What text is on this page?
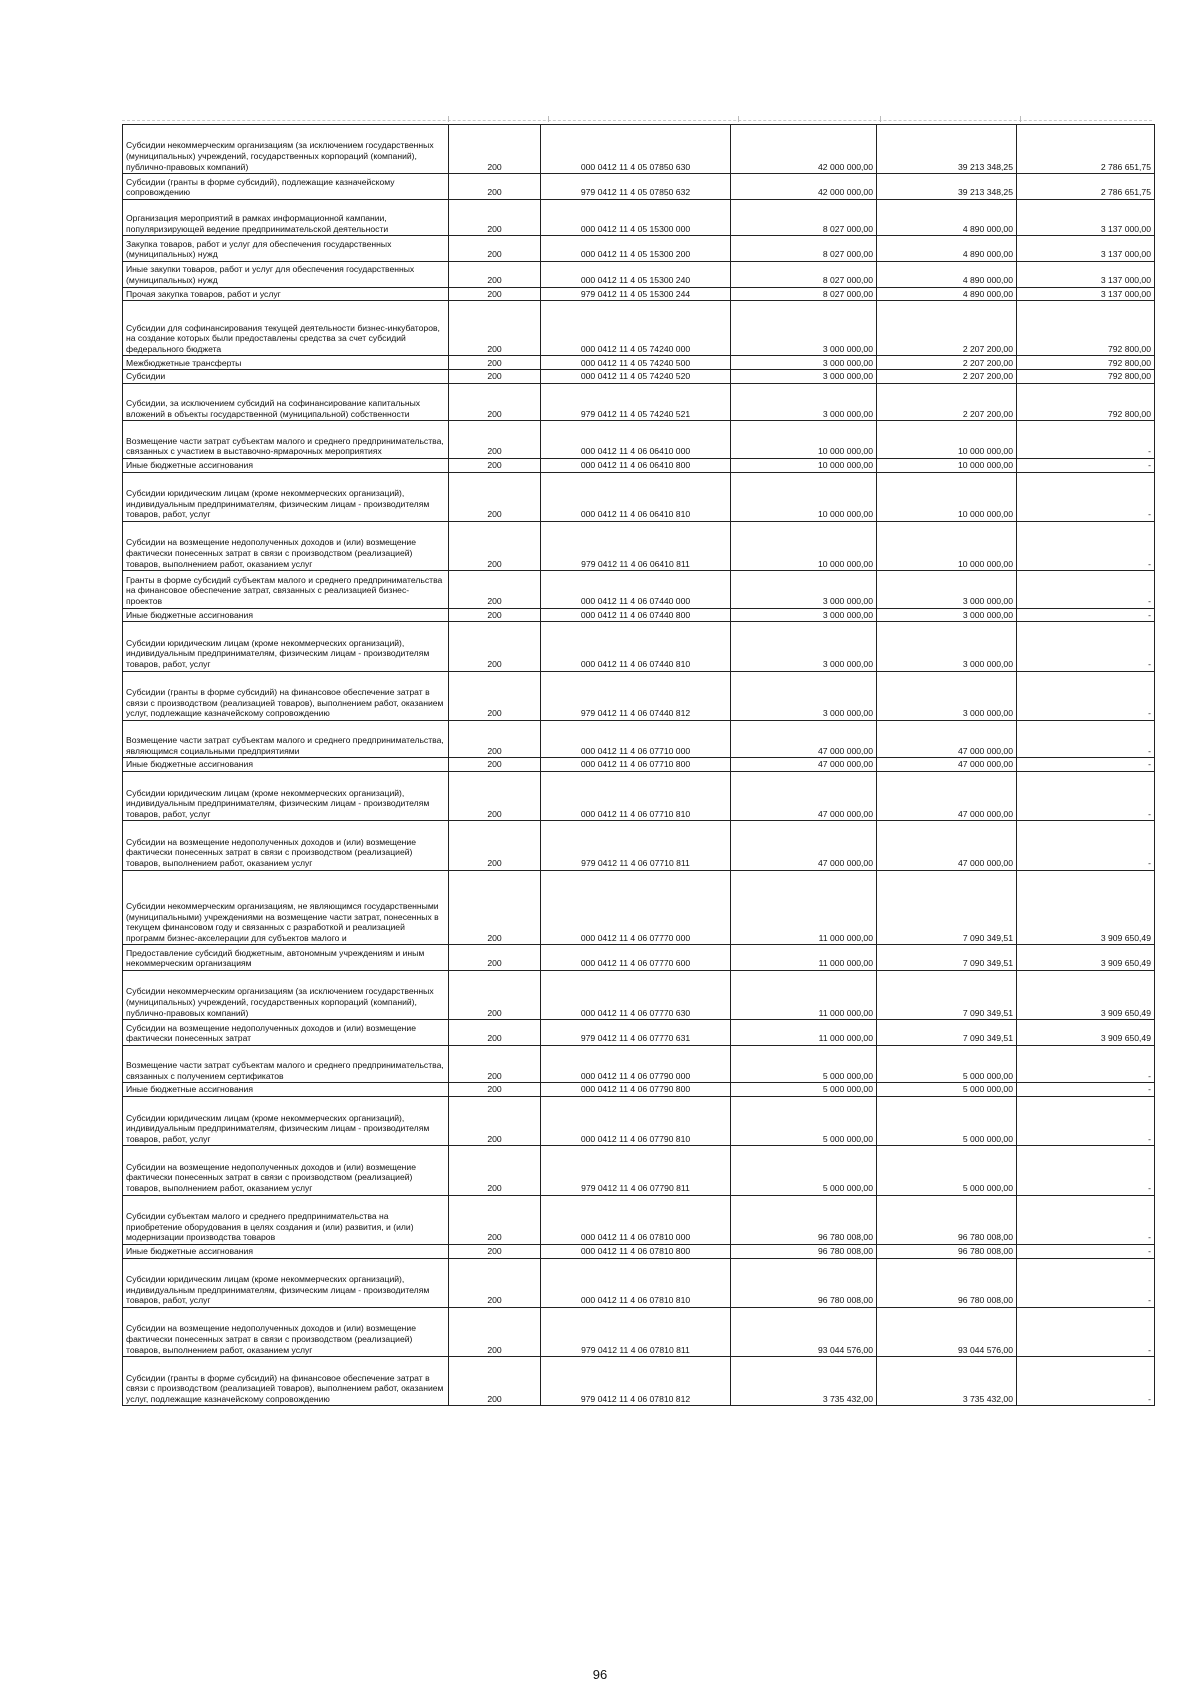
Субсидии некоммерческим организациям (за исключением государственных (муниципальных) учреждений, государственных корпораций (компаний), публично-правовых компаний)	200	000 0412 11 4 05 07850 630	42 000 000,00	39 213 348,25	2 786 651,75
Субсидии (гранты в форме субсидий), подлежащие казначейскому сопровождению	200	979 0412 11 4 05 07850 632	42 000 000,00	39 213 348,25	2 786 651,75
Организация мероприятий в рамках информационной кампании, популяризирующей ведение предпринимательской деятельности	200	000 0412 11 4 05 15300 000	8 027 000,00	4 890 000,00	3 137 000,00
Закупка товаров, работ и услуг для обеспечения государственных (муниципальных) нужд	200	000 0412 11 4 05 15300 200	8 027 000,00	4 890 000,00	3 137 000,00
Иные закупки товаров, работ и услуг для обеспечения государственных (муниципальных) нужд	200	000 0412 11 4 05 15300 240	8 027 000,00	4 890 000,00	3 137 000,00
Прочая закупка товаров, работ и услуг	200	979 0412 11 4 05 15300 244	8 027 000,00	4 890 000,00	3 137 000,00
Субсидии для софинансирования текущей деятельности бизнес-инкубаторов, на создание которых были предоставлены средства за счет субсидий федерального бюджета	200	000 0412 11 4 05 74240 000	3 000 000,00	2 207 200,00	792 800,00
Межбюджетные трансферты	200	000 0412 11 4 05 74240 500	3 000 000,00	2 207 200,00	792 800,00
Субсидии	200	000 0412 11 4 05 74240 520	3 000 000,00	2 207 200,00	792 800,00
Субсидии, за исключением субсидий на софинансирование капитальных вложений в объекты государственной (муниципальной) собственности	200	979 0412 11 4 05 74240 521	3 000 000,00	2 207 200,00	792 800,00
Возмещение части затрат субъектам малого и среднего предпринимательства, связанных с участием в выставочно-ярмарочных мероприятиях	200	000 0412 11 4 06 06410 000	10 000 000,00	10 000 000,00	-
Иные бюджетные ассигнования	200	000 0412 11 4 06 06410 800	10 000 000,00	10 000 000,00	-
Субсидии юридическим лицам (кроме некоммерческих организаций), индивидуальным предпринимателям, физическим лицам - производителям товаров, работ, услуг	200	000 0412 11 4 06 06410 810	10 000 000,00	10 000 000,00	-
Субсидии на возмещение недополученных доходов и (или) возмещение фактически понесенных затрат в связи с производством (реализацией) товаров, выполнением работ, оказанием услуг	200	979 0412 11 4 06 06410 811	10 000 000,00	10 000 000,00	-
Гранты в форме субсидий субъектам малого и среднего предпринимательства на финансовое обеспечение затрат, связанных с реализацией бизнес-проектов	200	000 0412 11 4 06 07440 000	3 000 000,00	3 000 000,00	-
Иные бюджетные ассигнования	200	000 0412 11 4 06 07440 800	3 000 000,00	3 000 000,00	-
Субсидии юридическим лицам (кроме некоммерческих организаций), индивидуальным предпринимателям, физическим лицам - производителям товаров, работ, услуг	200	000 0412 11 4 06 07440 810	3 000 000,00	3 000 000,00	-
Субсидии (гранты в форме субсидий) на финансовое обеспечение затрат в связи с производством (реализацией товаров), выполнением работ, оказанием услуг, подлежащие казначейскому сопровождению	200	979 0412 11 4 06 07440 812	3 000 000,00	3 000 000,00	-
Возмещение части затрат субъектам малого и среднего предпринимательства, являющимся социальными предприятиями	200	000 0412 11 4 06 07710 000	47 000 000,00	47 000 000,00	-
Иные бюджетные ассигнования	200	000 0412 11 4 06 07710 800	47 000 000,00	47 000 000,00	-
Субсидии юридическим лицам (кроме некоммерческих организаций), индивидуальным предпринимателям, физическим лицам - производителям товаров, работ, услуг	200	000 0412 11 4 06 07710 810	47 000 000,00	47 000 000,00	-
Субсидии на возмещение недополученных доходов и (или) возмещение фактически понесенных затрат в связи с производством (реализацией) товаров, выполнением работ, оказанием услуг	200	979 0412 11 4 06 07710 811	47 000 000,00	47 000 000,00	-
Субсидии некоммерческим организациям, не являющимся государственными (муниципальными) учреждениями на возмещение части затрат, понесенных в текущем финансовом году и связанных с разработкой и реализацией программ бизнес-акселерации для субъектов малого и	200	000 0412 11 4 06 07770 000	11 000 000,00	7 090 349,51	3 909 650,49
Предоставление субсидий бюджетным, автономным учреждениям и иным некоммерческим организациям	200	000 0412 11 4 06 07770 600	11 000 000,00	7 090 349,51	3 909 650,49
Субсидии некоммерческим организациям (за исключением государственных (муниципальных) учреждений, государственных корпораций (компаний), публично-правовых компаний)	200	000 0412 11 4 06 07770 630	11 000 000,00	7 090 349,51	3 909 650,49
Субсидии на возмещение недополученных доходов и (или) возмещение фактически понесенных затрат	200	979 0412 11 4 06 07770 631	11 000 000,00	7 090 349,51	3 909 650,49
Возмещение части затрат субъектам малого и среднего предпринимательства, связанных с получением сертификатов	200	000 0412 11 4 06 07790 000	5 000 000,00	5 000 000,00	-
Иные бюджетные ассигнования	200	000 0412 11 4 06 07790 800	5 000 000,00	5 000 000,00	-
Субсидии юридическим лицам (кроме некоммерческих организаций), индивидуальным предпринимателям, физическим лицам - производителям товаров, работ, услуг	200	000 0412 11 4 06 07790 810	5 000 000,00	5 000 000,00	-
Субсидии на возмещение недополученных доходов и (или) возмещение фактически понесенных затрат в связи с производством (реализацией) товаров, выполнением работ, оказанием услуг	200	979 0412 11 4 06 07790 811	5 000 000,00	5 000 000,00	-
Субсидии субъектам малого и среднего предпринимательства на приобретение оборудования в целях создания и (или) развития, и (или) модернизации производства товаров	200	000 0412 11 4 06 07810 000	96 780 008,00	96 780 008,00	-
Иные бюджетные ассигнования	200	000 0412 11 4 06 07810 800	96 780 008,00	96 780 008,00	-
Субсидии юридическим лицам (кроме некоммерческих организаций), индивидуальным предпринимателям, физическим лицам - производителям товаров, работ, услуг	200	000 0412 11 4 06 07810 810	96 780 008,00	96 780 008,00	-
Субсидии на возмещение недополученных доходов и (или) возмещение фактически понесенных затрат в связи с производством (реализацией) товаров, выполнением работ, оказанием услуг	200	979 0412 11 4 06 07810 811	93 044 576,00	93 044 576,00	-
Субсидии (гранты в форме субсидий) на финансовое обеспечение затрат в связи с производством (реализацией товаров), выполнением работ, оказанием услуг, подлежащие казначейскому сопровождению	200	979 0412 11 4 06 07810 812	3 735 432,00	3 735 432,00	-
96
